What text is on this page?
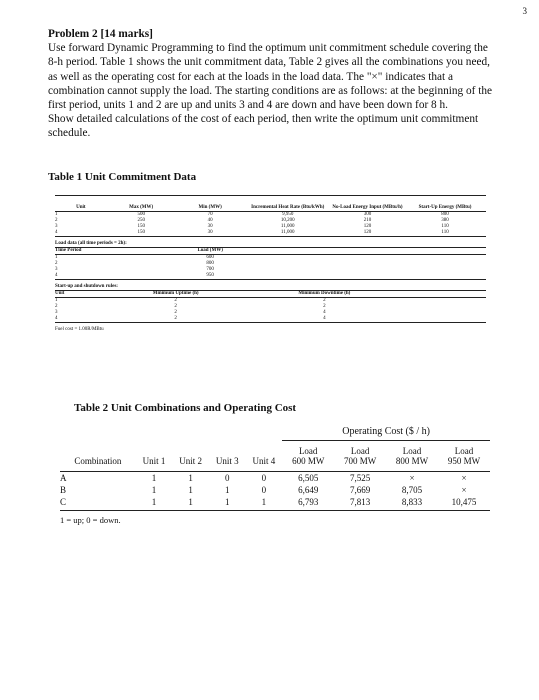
3
Problem 2 [14 marks]

Use forward Dynamic Programming to find the optimum unit commitment schedule covering the 8-h period. Table 1 shows the unit commitment data, Table 2 gives all the combinations you need, as well as the operating cost for each at the loads in the load data. The "×" indicates that a combination cannot supply the load. The starting conditions are as follows: at the beginning of the first period, units 1 and 2 are up and units 3 and 4 are down and have been down for 8 h.

Show detailed calculations of the cost of each period, then write the optimum unit commitment schedule.

Table 1 Unit Commitment Data
Unit	Max (MW)	Min (MW)	Incremental Heat Rate (Btu/kWh)	No-Load Energy Input (MBtu/h)	Start-Up Energy (MBtu)
1	500	70	9,950	300	800
2	250	40	10,200	210	380
3	150	30	11,000	120	110
4	150	30	11,000	120	110
Load data (all time periods = 2h):					
Time Period		Load (MW)			
1		600			
2		800			
3		700			
4		950			
Start-up and shutdown rules:					
Unit	Minimum Uptime (h)		Minimum Downtime (h)		
1	2		2		
2	2		2		
3	2		4		
4	2		4		
Fuel cost = 1.00R/MBtu					
Table 2 Unit Combinations and Operating Cost
					Operating Cost ($ / h)			
					Load	Load	Load	Load
Combination	Unit 1	Unit 2	Unit 3	Unit 4	600 MW	700 MW	800 MW	950 MW
A	1	1	0	0	6,505	7,525	×	×
B	1	1	1	0	6,649	7,669	8,705	×
C	1	1	1	1	6,793	7,813	8,833	10,475
1 = up; 0 = down.								
